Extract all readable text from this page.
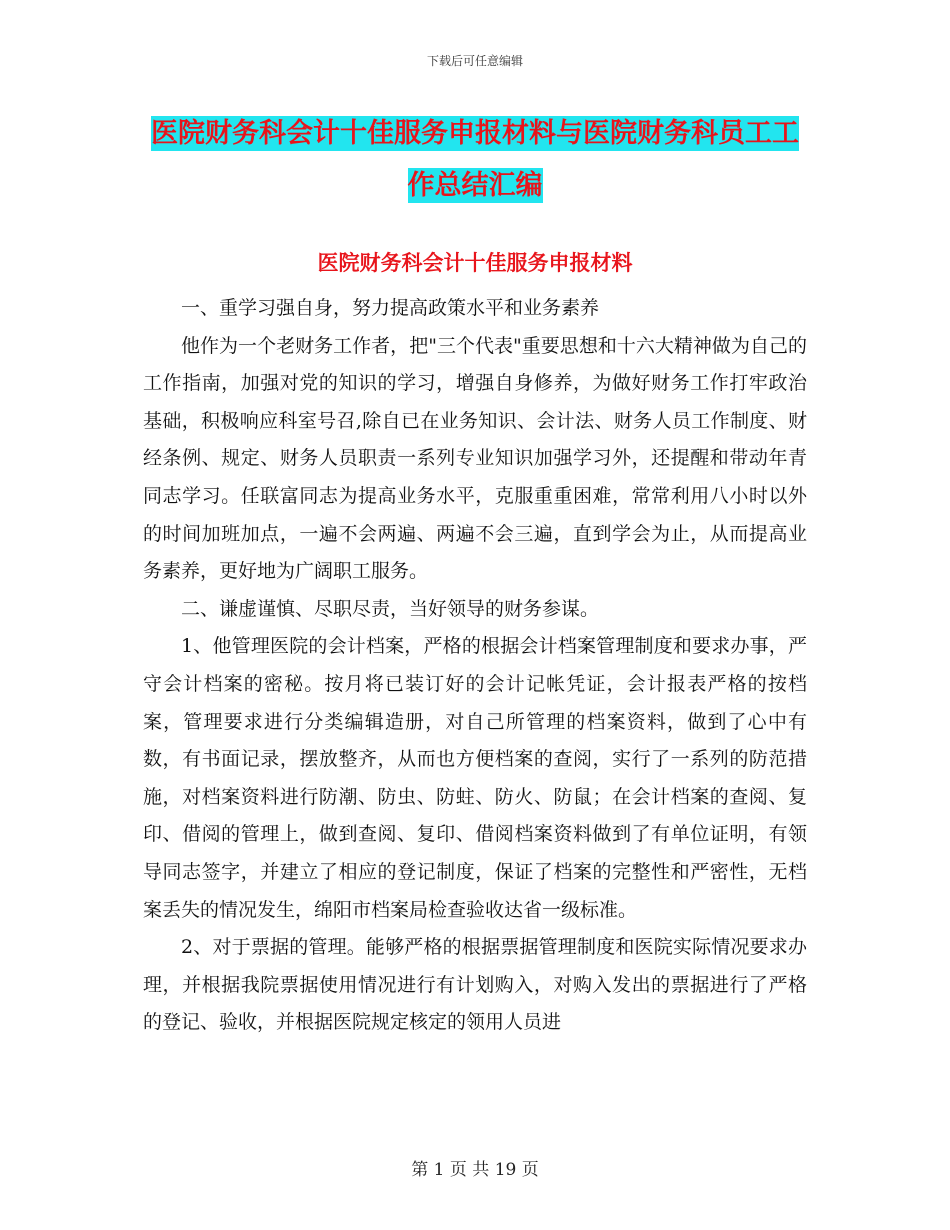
下载后可任意编辑
医院财务科会计十佳服务申报材料与医院财务科员工工作总结汇编
医院财务科会计十佳服务申报材料

一、重学习强自身，努力提高政策水平和业务素养

他作为一个老财务工作者，把"三个代表"重要思想和十六大精神做为自己的工作指南，加强对党的知识的学习，增强自身修养，为做好财务工作打牢政治基础，积极响应科室号召,除自已在业务知识、会计法、财务人员工作制度、财经条例、规定、财务人员职责一系列专业知识加强学习外，还提醒和带动年青同志学习。任联富同志为提高业务水平，克服重重困难，常常利用八小时以外的时间加班加点，一遍不会两遍、两遍不会三遍，直到学会为止，从而提高业务素养，更好地为广阔职工服务。

二、谦虚谨慎、尽职尽责，当好领导的财务参谋。

1、他管理医院的会计档案，严格的根据会计档案管理制度和要求办事，严守会计档案的密秘。按月将已装订好的会计记帐凭证，会计报表严格的按档案，管理要求进行分类编辑造册，对自己所管理的档案资料，做到了心中有数，有书面记录，摆放整齐，从而也方便档案的查阅，实行了一系列的防范措施，对档案资料进行防潮、防虫、防蛀、防火、防鼠；在会计档案的查阅、复印、借阅的管理上，做到查阅、复印、借阅档案资料做到了有单位证明，有领导同志签字，并建立了相应的登记制度，保证了档案的完整性和严密性，无档案丢失的情况发生，绵阳市档案局检查验收达省一级标准。

2、对于票据的管理。能够严格的根据票据管理制度和医院实际情况要求办理，并根据我院票据使用情况进行有计划购入，对购入发出的票据进行了严格的登记、验收，并根据医院规定核定的领用人员进

第 1 页 共 19 页
